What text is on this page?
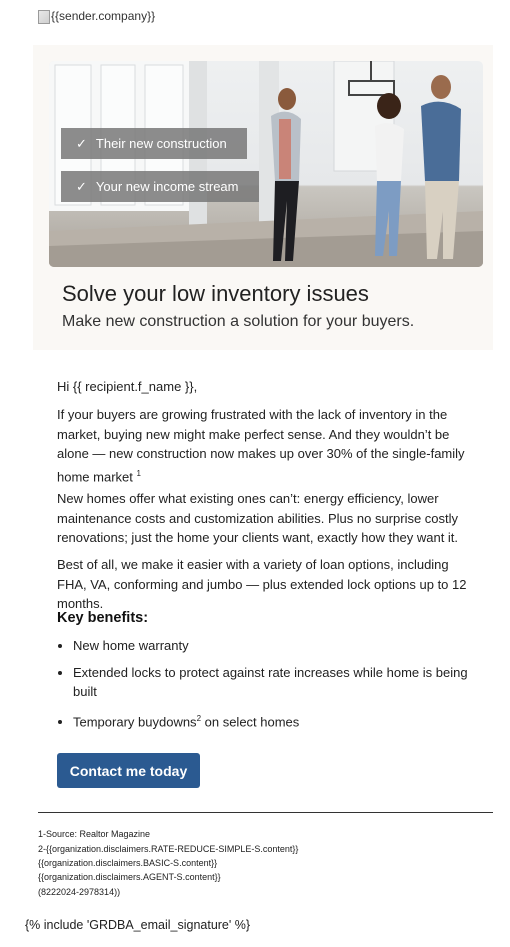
{{sender.company}}
✓ Their new construction
✓ Your new income stream
Solve your low inventory issues
Make new construction a solution for your buyers.
Hi {{ recipient.f_name }},
If your buyers are growing frustrated with the lack of inventory in the market, buying new might make perfect sense. And they wouldn’t be alone — new construction now makes up over 30% of the single-family home market $^1$
New homes offer what existing ones can’t: energy efficiency, lower maintenance costs and customization abilities. Plus no surprise costly renovations; just the home your clients want, exactly how they want it.
Best of all, we make it easier with a variety of loan options, including FHA, VA, conforming and jumbo — plus extended lock options up to 12 months.
Key benefits:
• New home warranty
• Extended locks to protect against rate increases while home is being built
• Temporary buydowns$^2$ on select homes
Contact me today
1-Source: Realtor Magazine
2-{{organization.disclaimers.RATE-REDUCE-SIMPLE-S.content}}
{{organization.disclaimers.BASIC-S.content}}
{{organization.disclaimers.AGENT-S.content}}
(8222024-2978314))
{% include 'GRDBA_email_signature' %}
